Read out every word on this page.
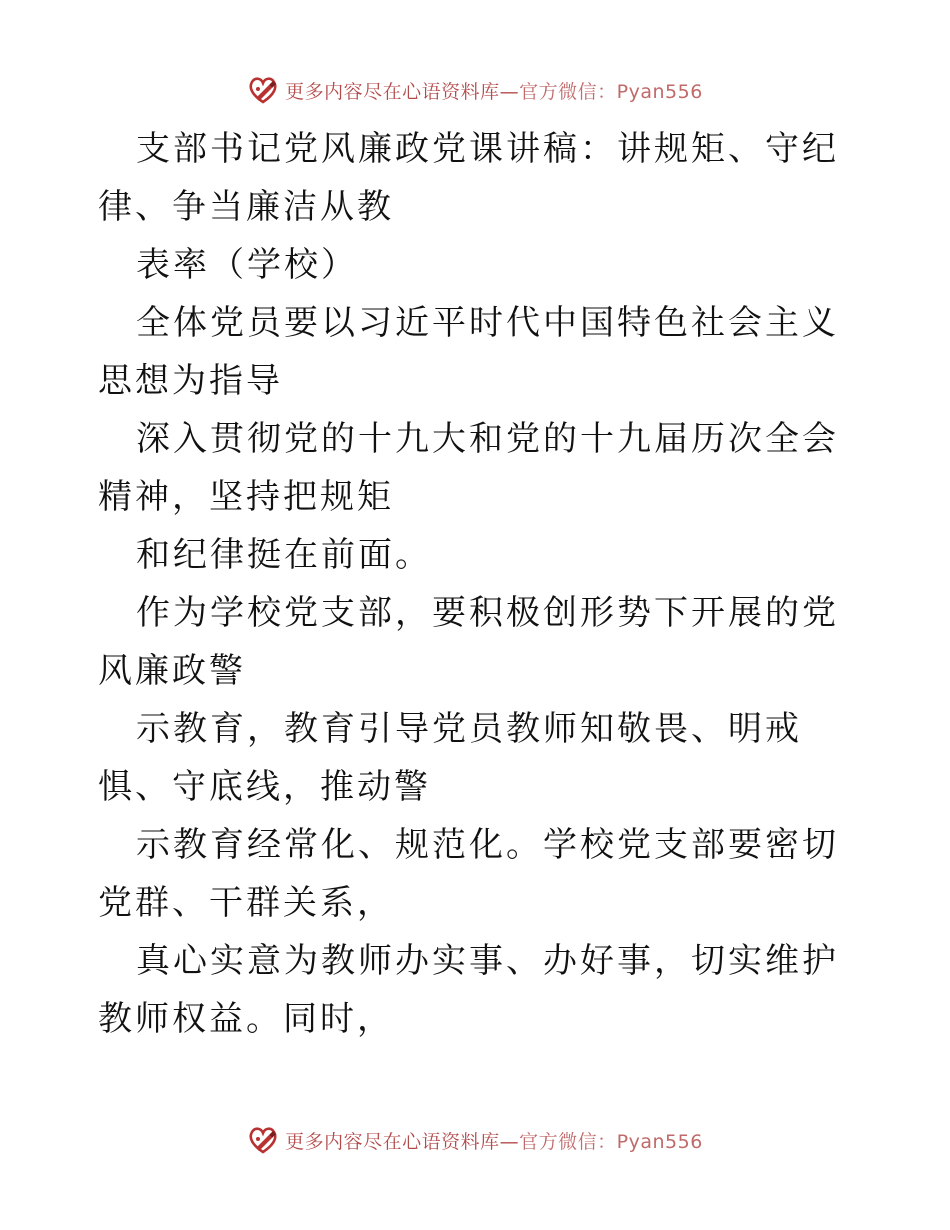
更多内容尽在心语资料库—官方微信：Pyan556

支部书记党风廉政党课讲稿：讲规矩、守纪律、争当廉洁从教

表率（学校）

全体党员要以习近平时代中国特色社会主义思想为指导

深入贯彻党的十九大和党的十九届历次全会精神，坚持把规矩

和纪律挺在前面。

作为学校党支部，要积极创形势下开展的党风廉政警

示教育，教育引导党员教师知敬畏、明戒惧、守底线，推动警

示教育经常化、规范化。学校党支部要密切党群、干群关系，

真心实意为教师办实事、办好事，切实维护教师权益。同时，

更多内容尽在心语资料库—官方微信：Pyan556
